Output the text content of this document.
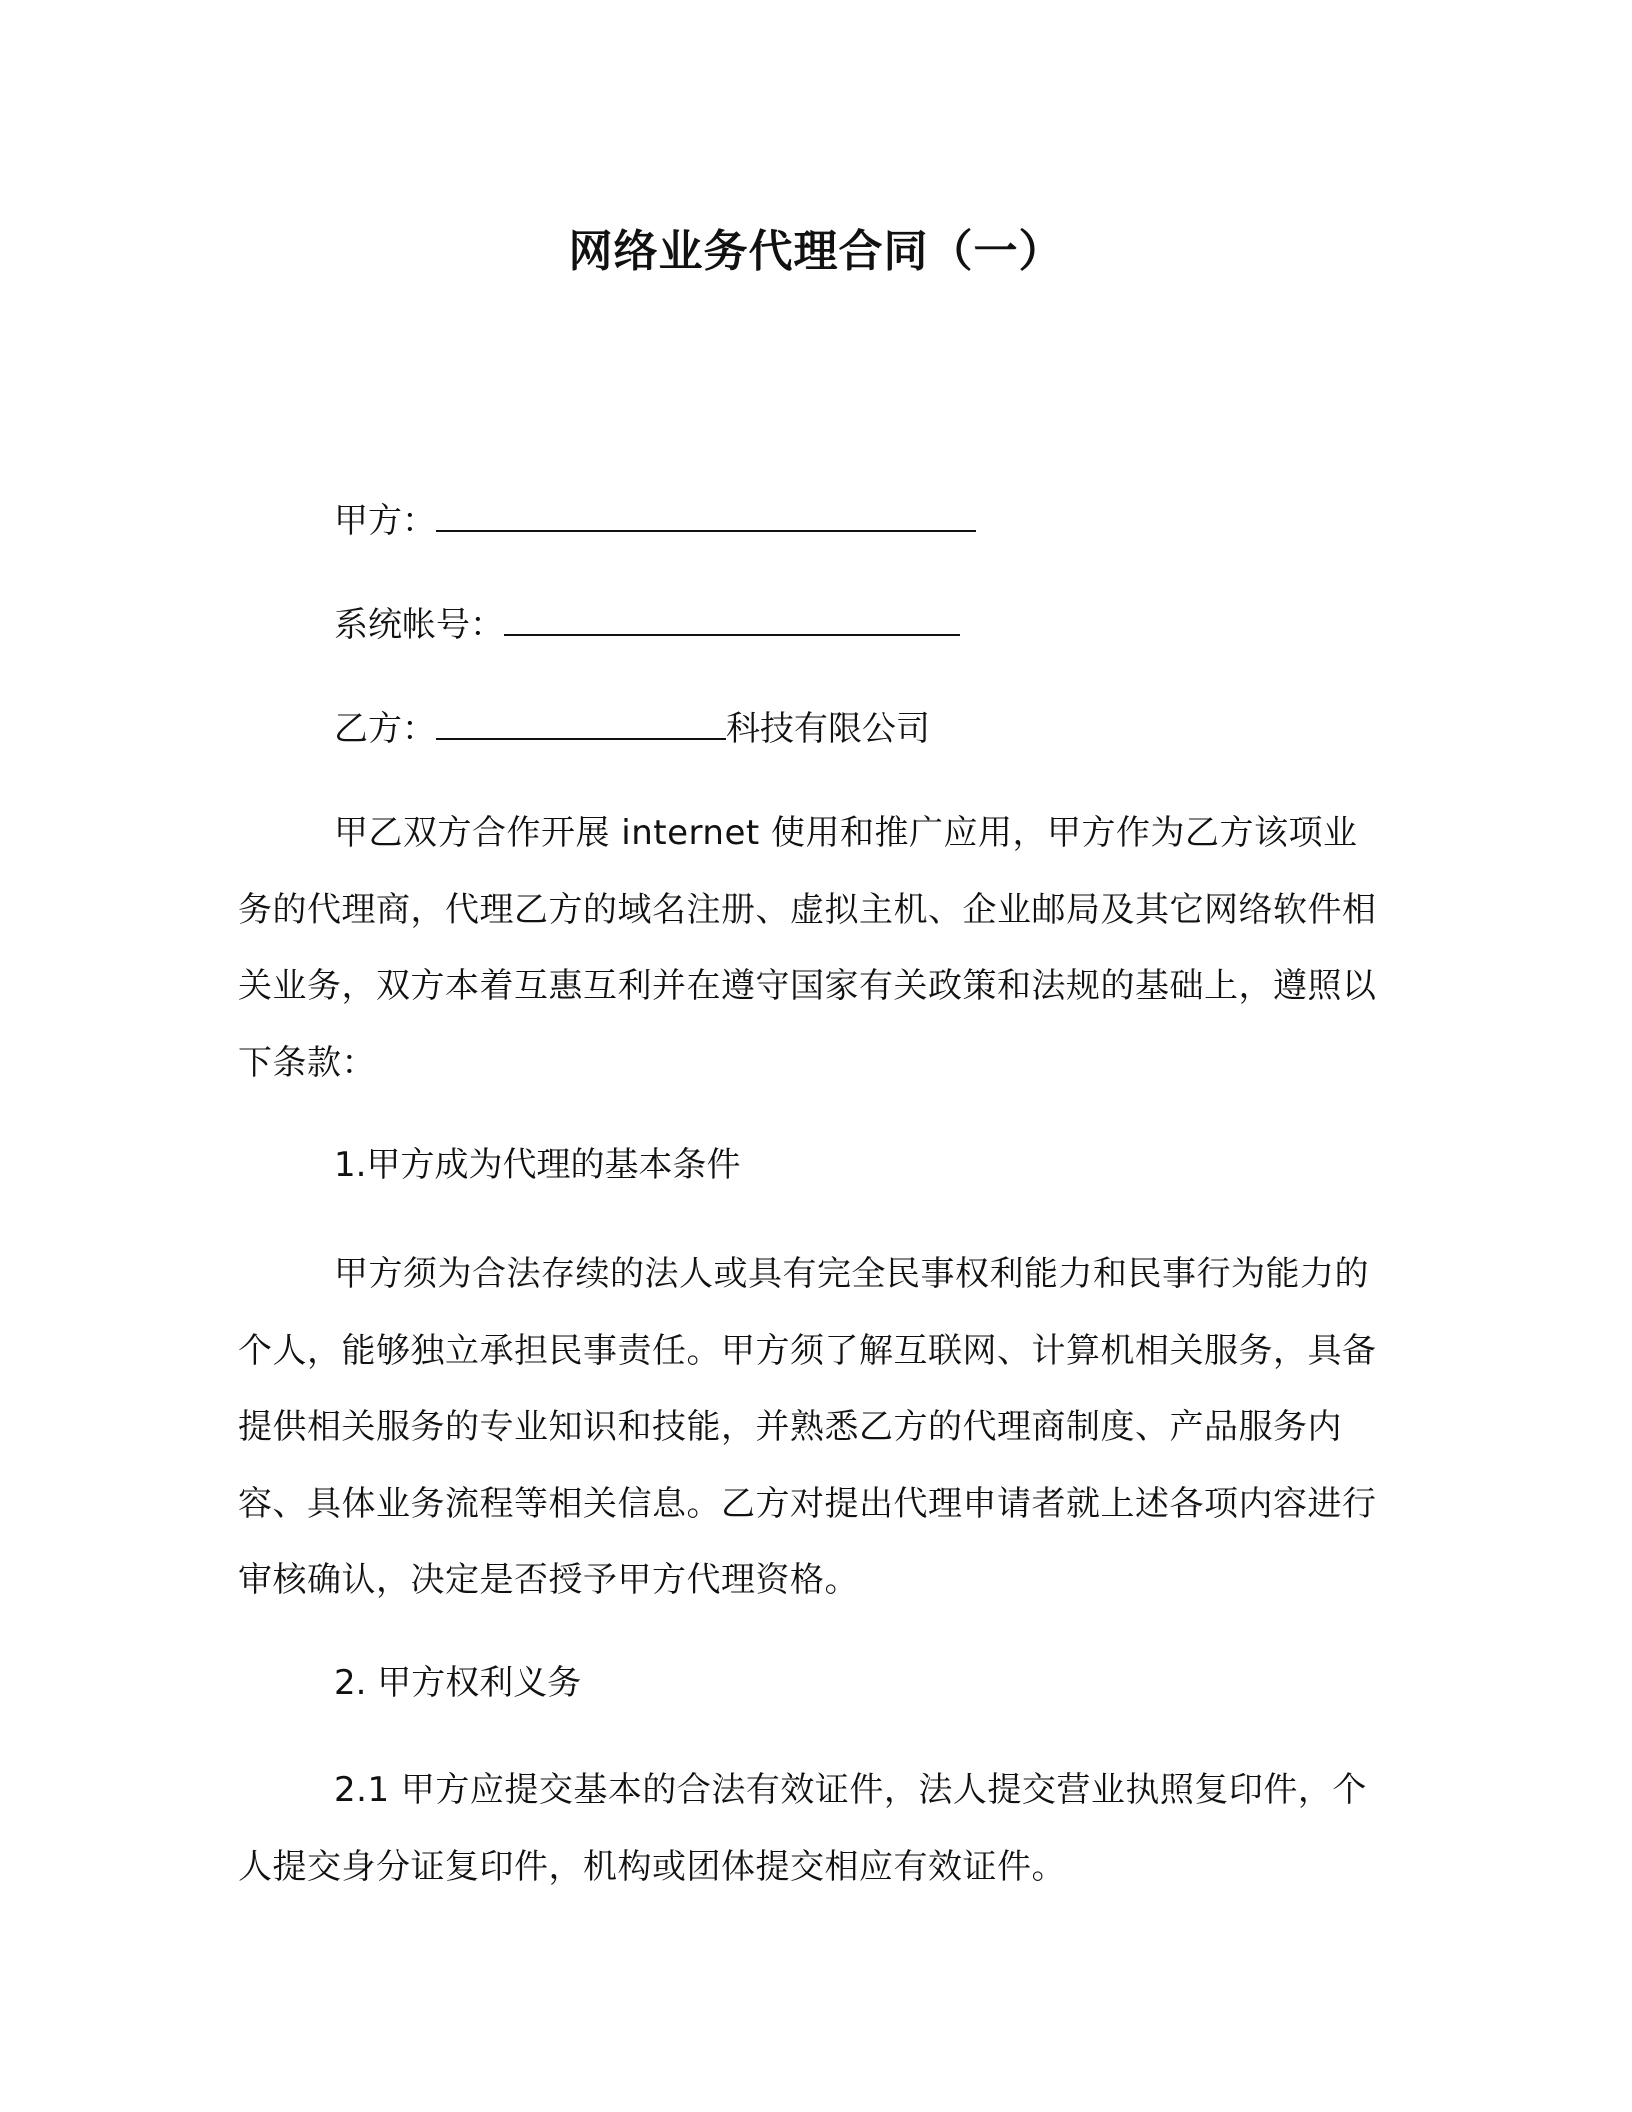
网络业务代理合同（一）
甲方：
系统帐号：
乙方：	科技有限公司

甲乙双方合作开展 internet 使用和推广应用，甲方作为乙方该项业务的代理商，代理乙方的域名注册、虚拟主机、企业邮局及其它网络软件相关业务，双方本着互惠互利并在遵守国家有关政策和法规的基础上，遵照以下条款：

1.甲方成为代理的基本条件

甲方须为合法存续的法人或具有完全民事权利能力和民事行为能力的个人，能够独立承担民事责任。甲方须了解互联网、计算机相关服务，具备提供相关服务的专业知识和技能，并熟悉乙方的代理商制度、产品服务内容、具体业务流程等相关信息。乙方对提出代理申请者就上述各项内容进行审核确认，决定是否授予甲方代理资格。

2. 甲方权利义务

2.1 甲方应提交基本的合法有效证件，法人提交营业执照复印件，个人提交身分证复印件，机构或团体提交相应有效证件。
